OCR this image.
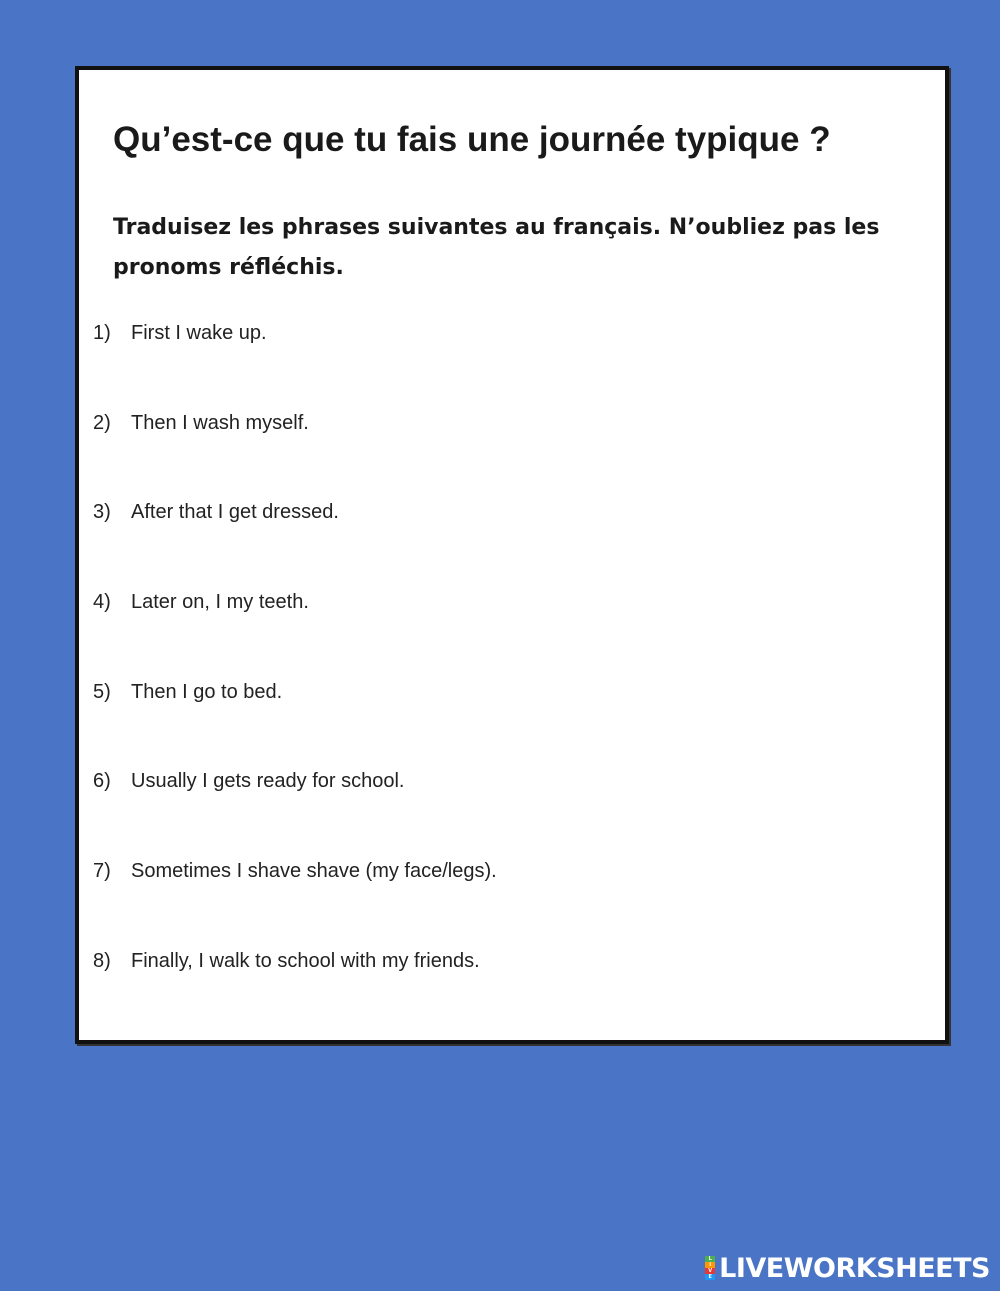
Qu’est-ce que tu fais une journée typique ?

Traduisez les phrases suivantes au français. N’oubliez pas les pronoms réfléchis.

1) First I wake up.
2) Then I wash myself.
3) After that I get dressed.
4) Later on, I my teeth.
5) Then I go to bed.
6) Usually I gets ready for school.
7) Sometimes I shave shave (my face/legs).
8) Finally, I walk to school with my friends.
L
I
V
E LIVEWORKSHEETS
